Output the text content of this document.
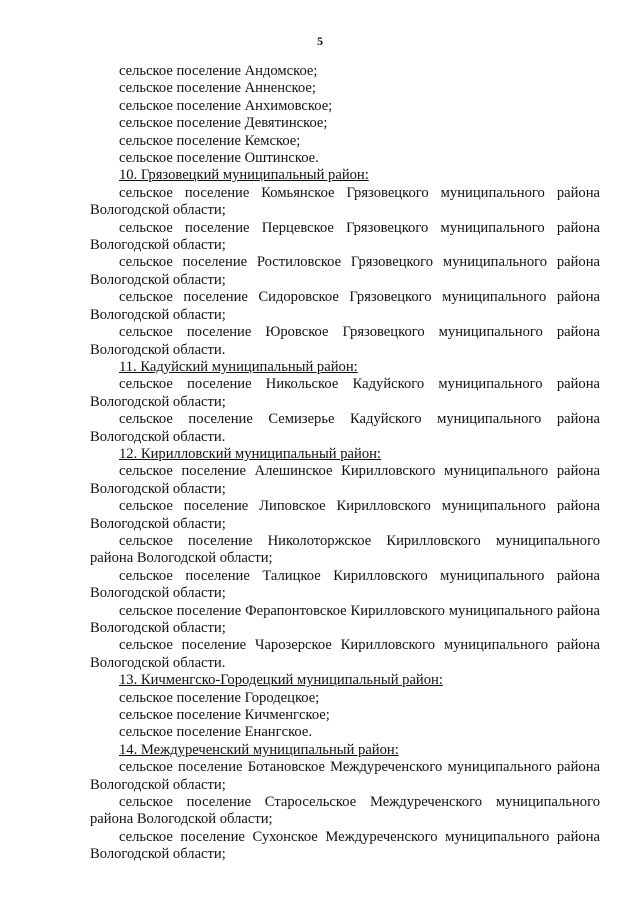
5
сельское поселение Андомское;
сельское поселение Анненское;
сельское поселение Анхимовское;
сельское поселение Девятинское;
сельское поселение Кемское;
сельское поселение Оштинское.
10. Грязовецкий муниципальный район:
сельское поселение Комьянское Грязовецкого муниципального района Вологодской области;
сельское поселение Перцевское Грязовецкого муниципального района Вологодской области;
сельское поселение Ростиловское Грязовецкого муниципального района Вологодской области;
сельское поселение Сидоровское Грязовецкого муниципального района Вологодской области;
сельское поселение Юровское Грязовецкого муниципального района Вологодской области.
11. Кадуйский муниципальный район:
сельское поселение Никольское Кадуйского муниципального района Вологодской области;
сельское поселение Семизерье Кадуйского муниципального района Вологодской области.
12. Кирилловский муниципальный район:
сельское поселение Алешинское Кирилловского муниципального района Вологодской области;
сельское поселение Липовское Кирилловского муниципального района Вологодской области;
сельское поселение Николоторжское Кирилловского муниципального района Вологодской области;
сельское поселение Талицкое Кирилловского муниципального района Вологодской области;
сельское поселение Ферапонтовское Кирилловского муниципального района Вологодской области;
сельское поселение Чарозерское Кирилловского муниципального района Вологодской области.
13. Кичменгско-Городецкий муниципальный район:
сельское поселение Городецкое;
сельское поселение Кичменгское;
сельское поселение Енангское.
14. Междуреченский муниципальный район:
сельское поселение Ботановское Междуреченского муниципального района Вологодской области;
сельское поселение Старосельское Междуреченского муниципального района Вологодской области;
сельское поселение Сухонское Междуреченского муниципального района Вологодской области;
